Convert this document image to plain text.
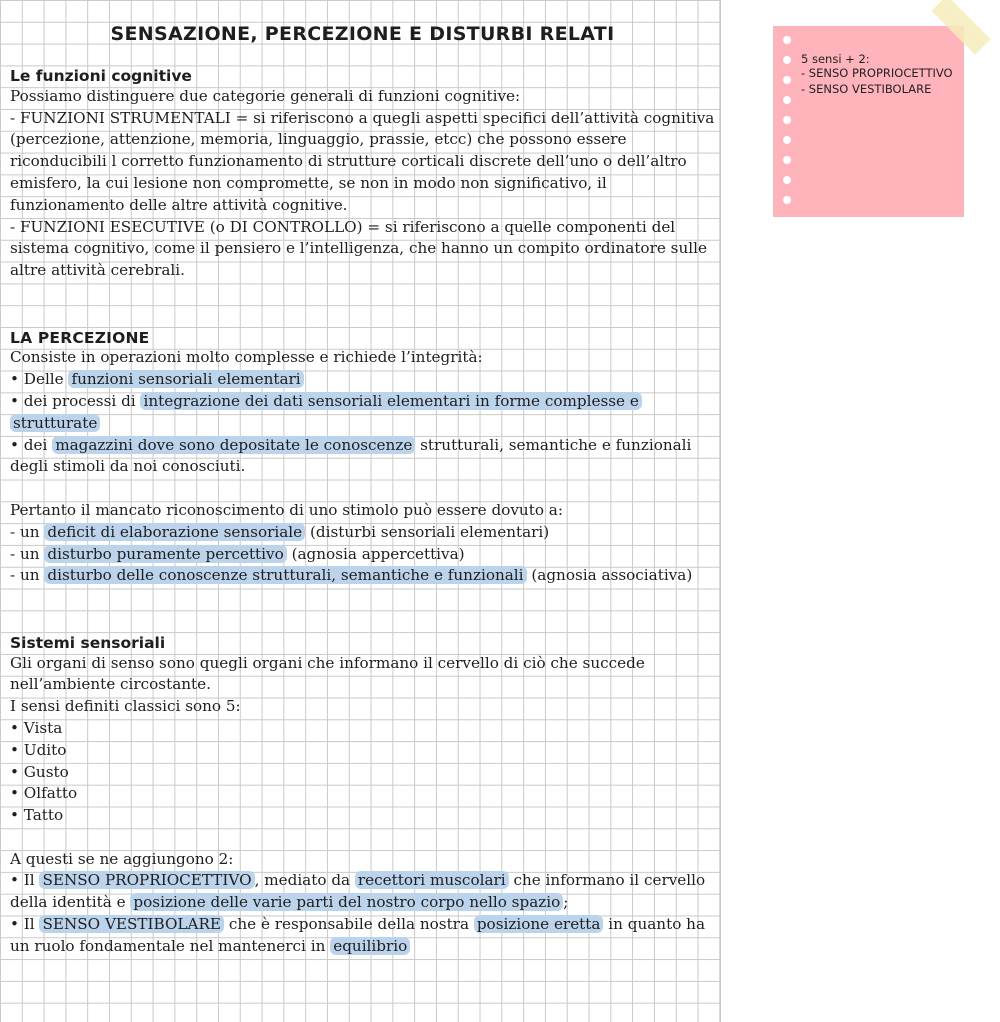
SENSAZIONE, PERCEZIONE E DISTURBI RELATI
Le funzioni cognitive

Possiamo distinguere due categorie generali di funzioni cognitive:

- FUNZIONI STRUMENTALI = si riferiscono a quegli aspetti specifici dell’attività cognitiva (percezione, attenzione, memoria, linguaggio, prassie, etcc) che possono essere riconducibili l corretto funzionamento di strutture corticali discrete dell’uno o dell’altro emisfero, la cui lesione non compromette, se non in modo non significativo, il funzionamento delle altre attività cognitive.

- FUNZIONI ESECUTIVE (o DI CONTROLLO) = si riferiscono a quelle componenti del sistema cognitivo, come il pensiero e l’intelligenza, che hanno un compito ordinatore sulle altre attività cerebrali.

LA PERCEZIONE

Consiste in operazioni molto complesse e richiede l’integrità:

• Delle funzioni sensoriali elementari

• dei processi di integrazione dei dati sensoriali elementari in forme complesse e strutturate

• dei magazzini dove sono depositate le conoscenze strutturali, semantiche e funzionali degli stimoli da noi conosciuti.

Pertanto il mancato riconoscimento di uno stimolo può essere dovuto a:

- un deficit di elaborazione sensoriale (disturbi sensoriali elementari)

- un disturbo puramente percettivo (agnosia appercettiva)

- un disturbo delle conoscenze strutturali, semantiche e funzionali (agnosia associativa)

Sistemi sensoriali

Gli organi di senso sono quegli organi che informano il cervello di ciò che succede nell’ambiente circostante.

I sensi definiti classici sono 5:

• Vista

• Udito

• Gusto

• Olfatto

• Tatto

A questi se ne aggiungono 2:

• Il SENSO PROPRIOCETTIVO , mediato da recettori muscolari che informano il cervello della identità e posizione delle varie parti del nostro corpo nello spazio ;

• Il SENSO VESTIBOLARE che è responsabile della nostra posizione eretta in quanto ha un ruolo fondamentale nel mantenerci in equilibrio

5 sensi + 2:
- SENSO PROPRIOCETTIVO
- SENSO VESTIBOLARE
